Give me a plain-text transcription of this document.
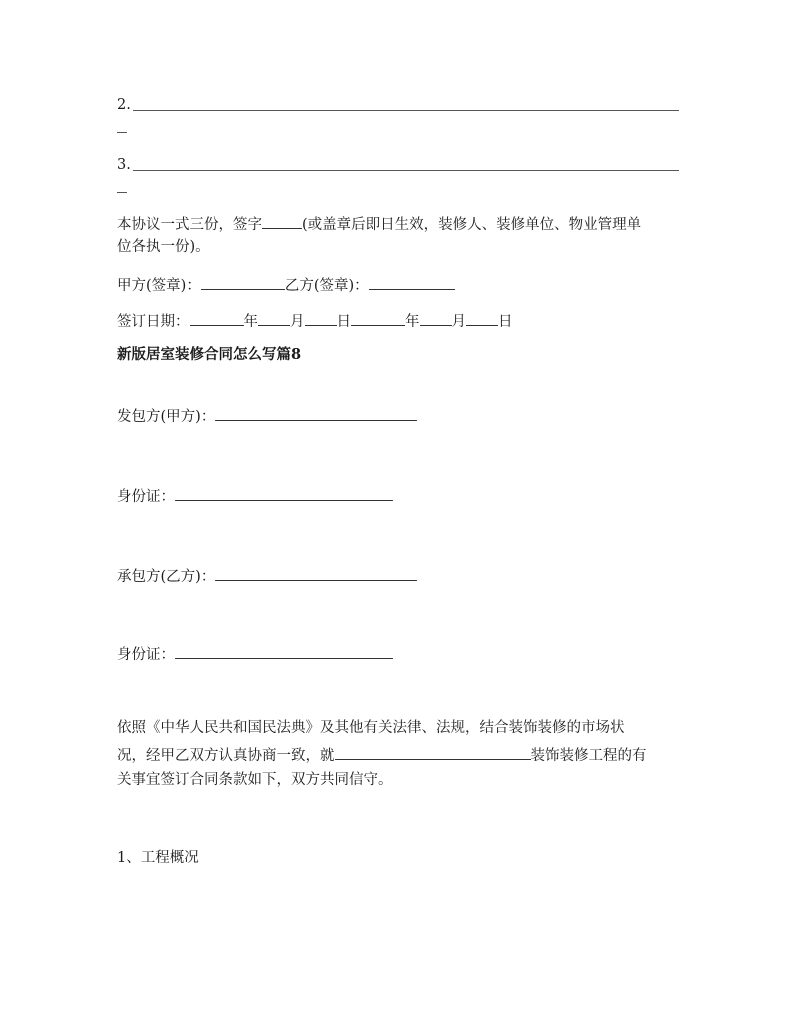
2.
3.
本协议一式三份，签字	(或盖章后即日生效，装修人、装修单位、物业管理单
位各执一份)。
甲方(签章)：	乙方(签章)：
签订日期：	年 月 日	年 月 日
新版居室装修合同怎么写篇8
发包方(甲方)：
身份证：
承包方(乙方)：
身份证：
依照《中华人民共和国民法典》及其他有关法律、法规，结合装饰装修的市场状
况，经甲乙双方认真协商一致，就	装饰装修工程的有
关事宜签订合同条款如下，双方共同信守。
1、工程概况
